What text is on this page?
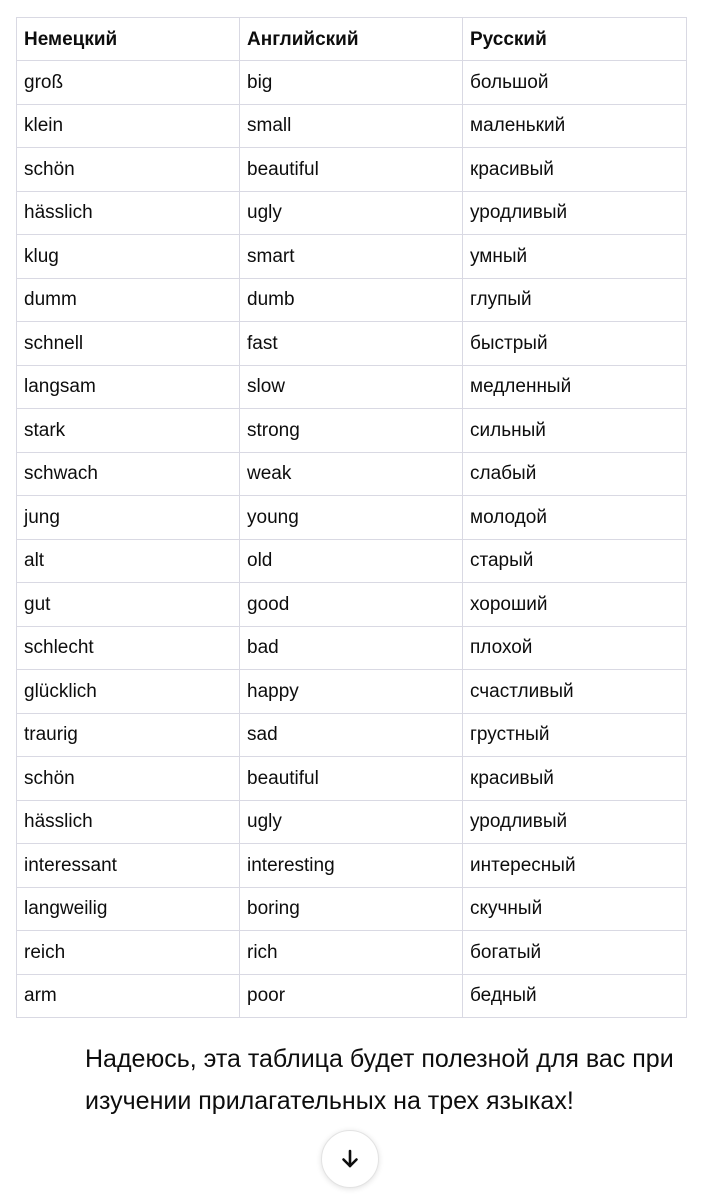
Немецкий	Английский	Русский
groß	big	большой
klein	small	маленький
schön	beautiful	красивый
hässlich	ugly	уродливый
klug	smart	умный
dumm	dumb	глупый
schnell	fast	быстрый
langsam	slow	медленный
stark	strong	сильный
schwach	weak	слабый
jung	young	молодой
alt	old	старый
gut	good	хороший
schlecht	bad	плохой
glücklich	happy	счастливый
traurig	sad	грустный
schön	beautiful	красивый
hässlich	ugly	уродливый
interessant	interesting	интересный
langweilig	boring	скучный
reich	rich	богатый
arm	poor	бедный
Надеюсь, эта таблица будет полезной для вас при изучении прилагательных на трех языках!
